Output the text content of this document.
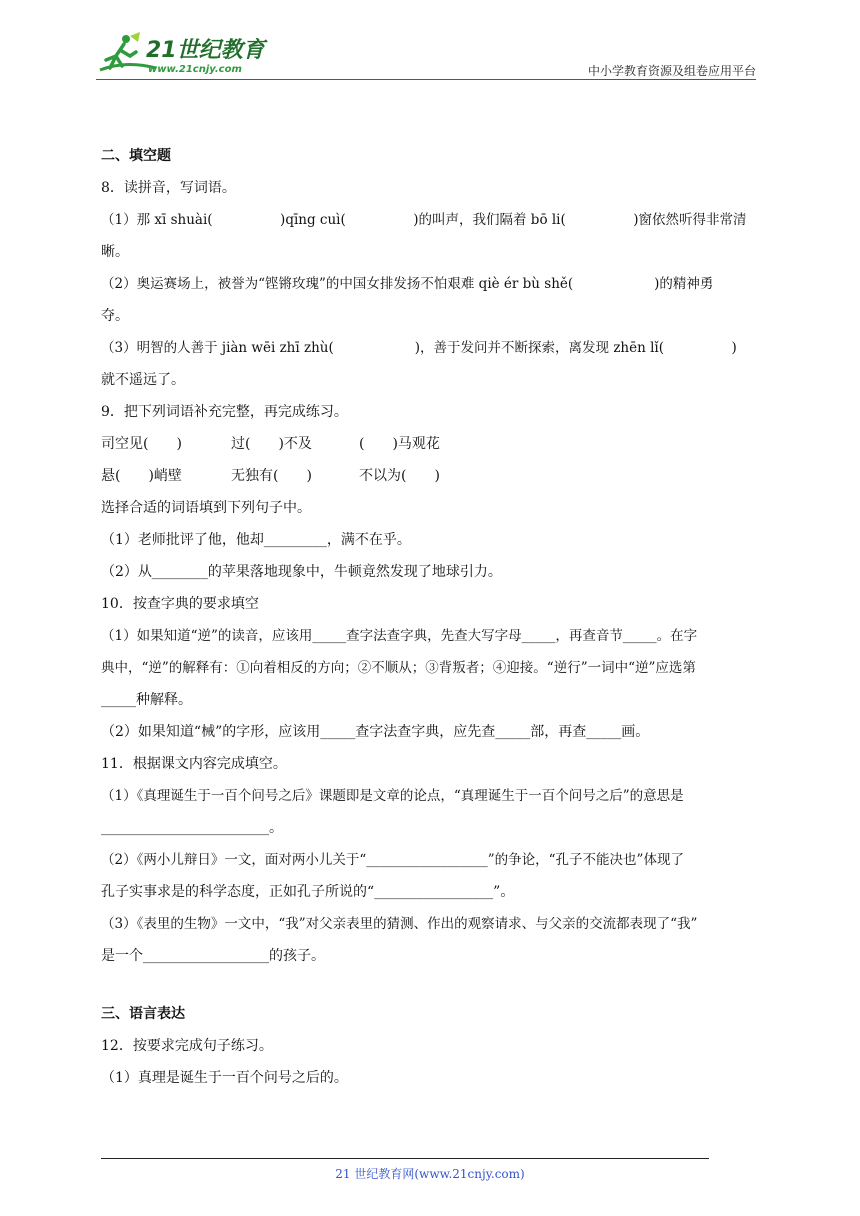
21世纪教育
www.21cnjy.com	中小学教育资源及组卷应用平台
二、填空题
8．读拼音，写词语。
（1）那 xī shuài(　　　　　)qīng cuì(　　　　　)的叫声，我们隔着 bō li(　　　　　)窗依然听得非常清
晰。
（2）奥运赛场上，被誉为“铿锵玫瑰”的中国女排发扬不怕艰难 qiè ér bù shě(　　　　　　)的精神勇
夺。
（3）明智的人善于 jiàn wēi zhī zhù(　　　　　　)，善于发问并不断探索，离发现 zhēn lǐ(　　　　　)
就不遥远了。
9．把下列词语补充完整，再完成练习。
司空见(　　)	过(　　)不及	(　　)马观花
悬(　　)峭壁	无独有(　　)	不以为(　　)
选择合适的词语填到下列句子中。
（1）老师批评了他，他却_________，满不在乎。
（2）从________的苹果落地现象中，牛顿竟然发现了地球引力。
10．按查字典的要求填空
（1）如果知道“逆”的读音，应该用_____查字法查字典，先查大写字母_____，再查音节_____。在字
典中，“逆”的解释有：①向着相反的方向；②不顺从；③背叛者；④迎接。“逆行”一词中“逆”应选第
_____种解释。
（2）如果知道“械”的字形，应该用_____查字法查字典，应先查_____部，再查_____画。
11．根据课文内容完成填空。
（1）《真理诞生于一百个问号之后》课题即是文章的论点，“真理诞生于一百个问号之后”的意思是
________________________。
（2）《两小儿辩日》一文，面对两小儿关于“__________________”的争论，“孔子不能决也”体现了
孔子实事求是的科学态度，正如孔子所说的“_________________”。
（3）《表里的生物》一文中，“我”对父亲表里的猜测、作出的观察请求、与父亲的交流都表现了“我”
是一个__________________的孩子。
三、语言表达
12．按要求完成句子练习。
（1）真理是诞生于一百个问号之后的。
21 世纪教育网(www.21cnjy.com)
